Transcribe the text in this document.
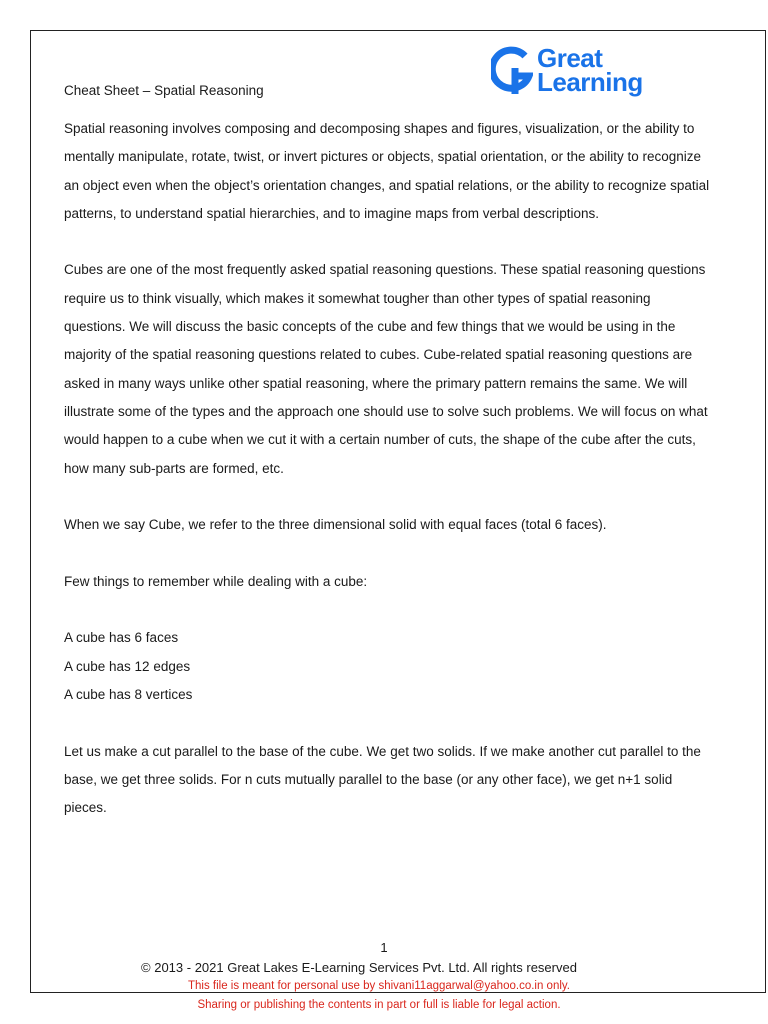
Great
Learning
Cheat Sheet – Spatial Reasoning

Spatial reasoning involves composing and decomposing shapes and figures, visualization, or the ability to mentally manipulate, rotate, twist, or invert pictures or objects, spatial orientation, or the ability to recognize an object even when the object’s orientation changes, and spatial relations, or the ability to recognize spatial patterns, to understand spatial hierarchies, and to imagine maps from verbal descriptions.

Cubes are one of the most frequently asked spatial reasoning questions. These spatial reasoning questions require us to think visually, which makes it somewhat tougher than other types of spatial reasoning questions. We will discuss the basic concepts of the cube and few things that we would be using in the majority of the spatial reasoning questions related to cubes. Cube-related spatial reasoning questions are asked in many ways unlike other spatial reasoning, where the primary pattern remains the same. We will illustrate some of the types and the approach one should use to solve such problems. We will focus on what would happen to a cube when we cut it with a certain number of cuts, the shape of the cube after the cuts, how many sub-parts are formed, etc.

When we say Cube, we refer to the three dimensional solid with equal faces (total 6 faces).

Few things to remember while dealing with a cube:

A cube has 6 faces

A cube has 12 edges

A cube has 8 vertices

Let us make a cut parallel to the base of the cube. We get two solids. If we make another cut parallel to the base, we get three solids. For n cuts mutually parallel to the base (or any other face), we get n+1 solid pieces.

1
© 2013 - 2021 Great Lakes E-Learning Services Pvt. Ltd. All rights reserved
This file is meant for personal use by shivani11aggarwal@yahoo.co.in only.
Sharing or publishing the contents in part or full is liable for legal action.
